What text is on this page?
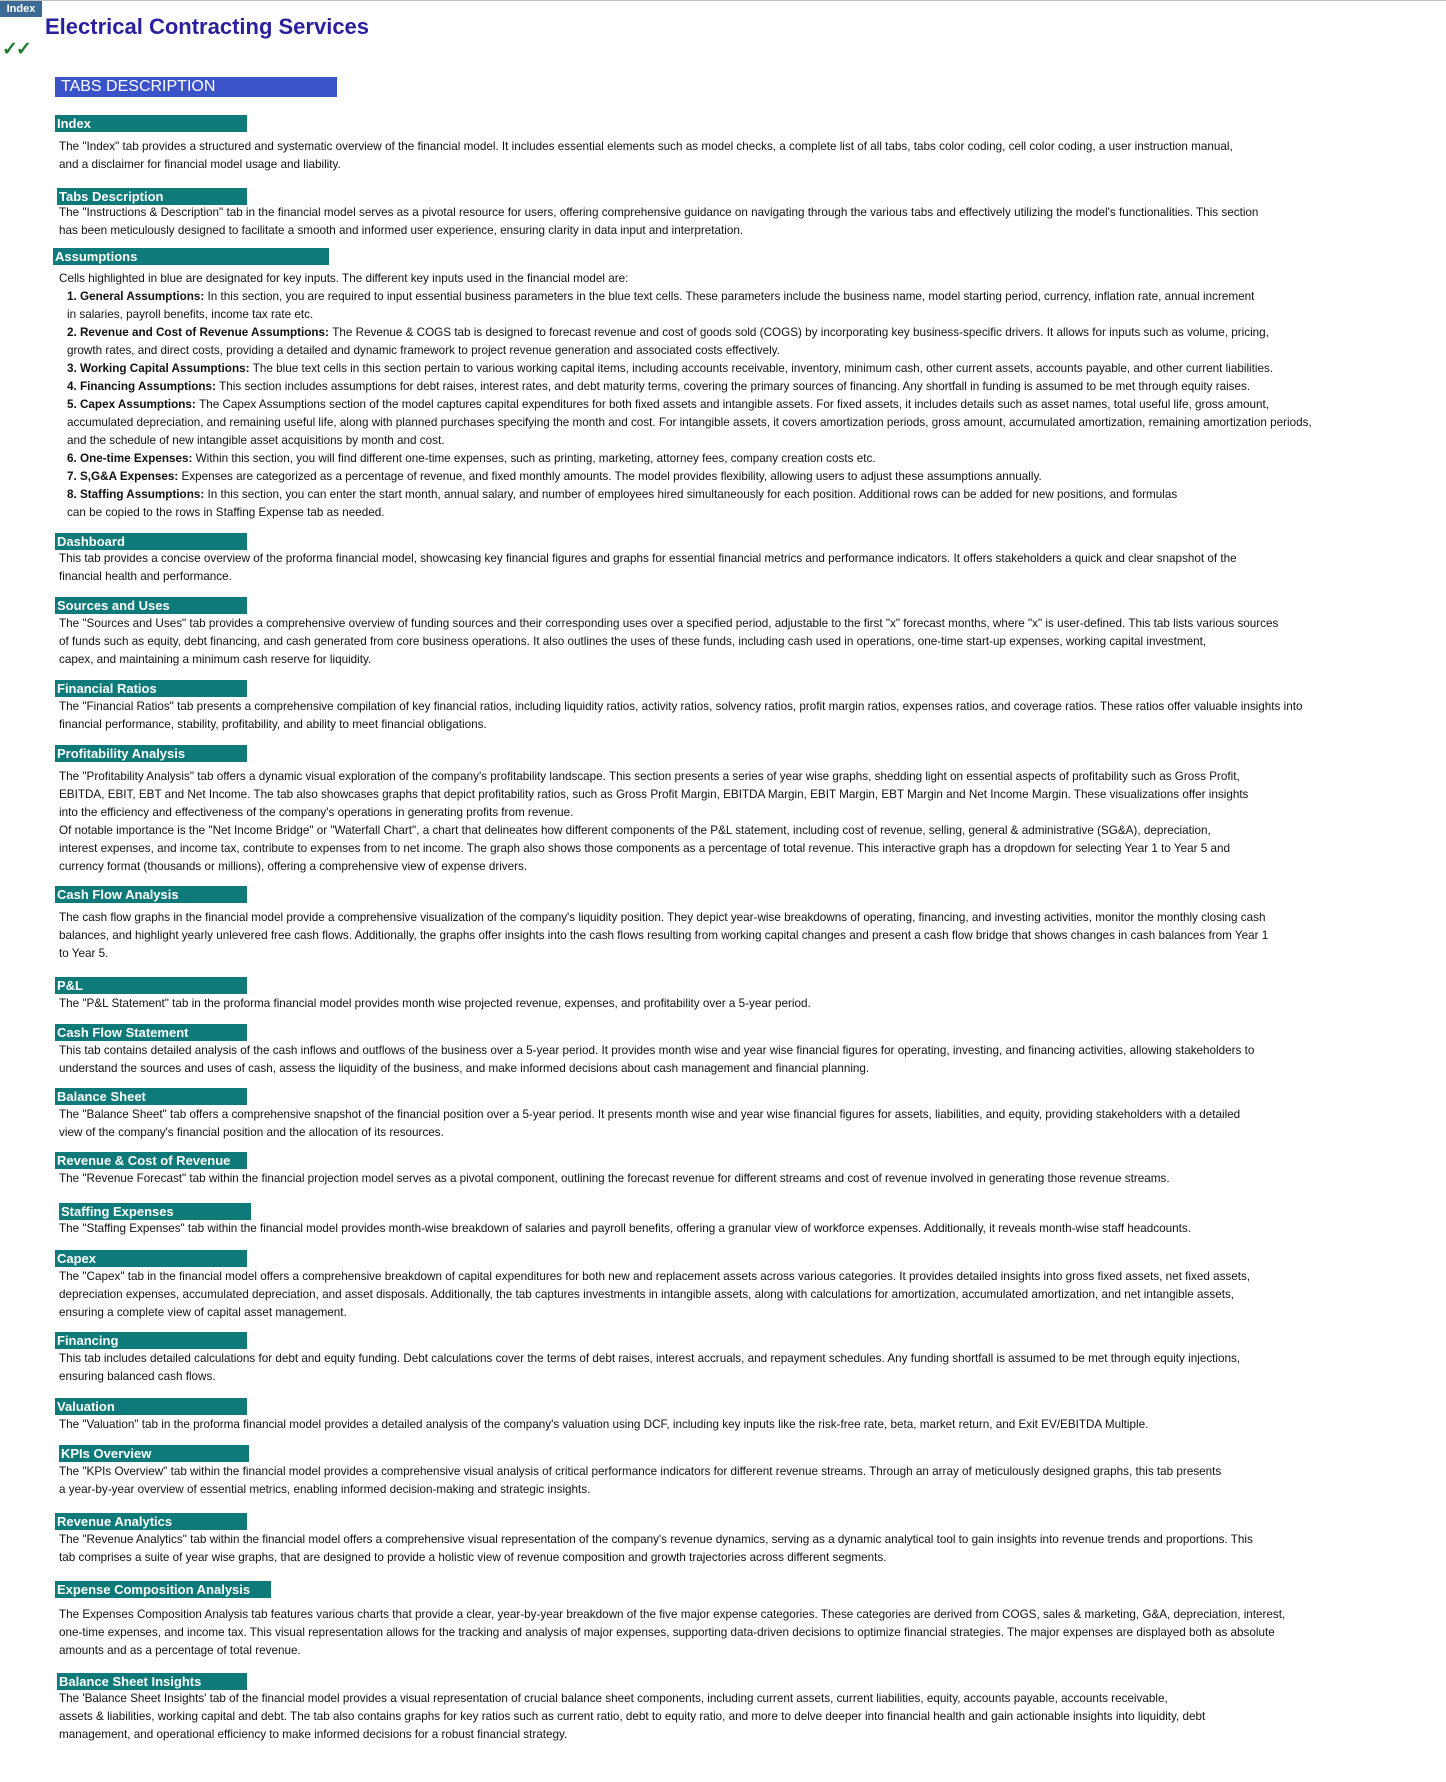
Index
✓✓
Electrical Contracting Services
TABS DESCRIPTION
Index

The "Index" tab provides a structured and systematic overview of the financial model. It includes essential elements such as model checks, a complete list of all tabs, tabs color coding, cell color coding, a user instruction manual,

and a disclaimer for financial model usage and liability.

Tabs Description

The "Instructions & Description" tab in the financial model serves as a pivotal resource for users, offering comprehensive guidance on navigating through the various tabs and effectively utilizing the model's functionalities. This section

has been meticulously designed to facilitate a smooth and informed user experience, ensuring clarity in data input and interpretation.

Assumptions

Cells highlighted in blue are designated for key inputs. The different key inputs used in the financial model are:

1. General Assumptions: In this section, you are required to input essential business parameters in the blue text cells. These parameters include the business name, model starting period, currency, inflation rate, annual increment

in salaries, payroll benefits, income tax rate etc.

2. Revenue and Cost of Revenue Assumptions: The Revenue & COGS tab is designed to forecast revenue and cost of goods sold (COGS) by incorporating key business-specific drivers. It allows for inputs such as volume, pricing,

growth rates, and direct costs, providing a detailed and dynamic framework to project revenue generation and associated costs effectively.

3. Working Capital Assumptions: The blue text cells in this section pertain to various working capital items, including accounts receivable, inventory, minimum cash, other current assets, accounts payable, and other current liabilities.

4. Financing Assumptions: This section includes assumptions for debt raises, interest rates, and debt maturity terms, covering the primary sources of financing. Any shortfall in funding is assumed to be met through equity raises.

5. Capex Assumptions: The Capex Assumptions section of the model captures capital expenditures for both fixed assets and intangible assets. For fixed assets, it includes details such as asset names, total useful life, gross amount,

accumulated depreciation, and remaining useful life, along with planned purchases specifying the month and cost. For intangible assets, it covers amortization periods, gross amount, accumulated amortization, remaining amortization periods,

and the schedule of new intangible asset acquisitions by month and cost.

6. One-time Expenses: Within this section, you will find different one-time expenses, such as printing, marketing, attorney fees, company creation costs etc.

7. S,G&A Expenses: Expenses are categorized as a percentage of revenue, and fixed monthly amounts. The model provides flexibility, allowing users to adjust these assumptions annually.

8. Staffing Assumptions: In this section, you can enter the start month, annual salary, and number of employees hired simultaneously for each position. Additional rows can be added for new positions, and formulas

can be copied to the rows in Staffing Expense tab as needed.

Dashboard

This tab provides a concise overview of the proforma financial model, showcasing key financial figures and graphs for essential financial metrics and performance indicators. It offers stakeholders a quick and clear snapshot of the

financial health and performance.

Sources and Uses

The "Sources and Uses" tab provides a comprehensive overview of funding sources and their corresponding uses over a specified period, adjustable to the first "x" forecast months, where "x" is user-defined. This tab lists various sources

of funds such as equity, debt financing, and cash generated from core business operations. It also outlines the uses of these funds, including cash used in operations, one-time start-up expenses, working capital investment,

capex, and maintaining a minimum cash reserve for liquidity.

Financial Ratios

The "Financial Ratios" tab presents a comprehensive compilation of key financial ratios, including liquidity ratios, activity ratios, solvency ratios, profit margin ratios, expenses ratios, and coverage ratios. These ratios offer valuable insights into

financial performance, stability, profitability, and ability to meet financial obligations.

Profitability Analysis

The "Profitability Analysis" tab offers a dynamic visual exploration of the company's profitability landscape. This section presents a series of year wise graphs, shedding light on essential aspects of profitability such as Gross Profit,

EBITDA, EBIT, EBT and Net Income. The tab also showcases graphs that depict profitability ratios, such as Gross Profit Margin, EBITDA Margin, EBIT Margin, EBT Margin and Net Income Margin. These visualizations offer insights

into the efficiency and effectiveness of the company's operations in generating profits from revenue.

Of notable importance is the "Net Income Bridge" or "Waterfall Chart", a chart that delineates how different components of the P&L statement, including cost of revenue, selling, general & administrative (SG&A), depreciation,

interest expenses, and income tax, contribute to expenses from to net income. The graph also shows those components as a percentage of total revenue. This interactive graph has a dropdown for selecting Year 1 to Year 5 and

currency format (thousands or millions), offering a comprehensive view of expense drivers.

Cash Flow Analysis

The cash flow graphs in the financial model provide a comprehensive visualization of the company's liquidity position. They depict year-wise breakdowns of operating, financing, and investing activities, monitor the monthly closing cash

balances, and highlight yearly unlevered free cash flows. Additionally, the graphs offer insights into the cash flows resulting from working capital changes and present a cash flow bridge that shows changes in cash balances from Year 1

to Year 5.

P&L

The "P&L Statement" tab in the proforma financial model provides month wise projected revenue, expenses, and profitability over a 5-year period.

Cash Flow Statement

This tab contains detailed analysis of the cash inflows and outflows of the business over a 5-year period. It provides month wise and year wise financial figures for operating, investing, and financing activities, allowing stakeholders to

understand the sources and uses of cash, assess the liquidity of the business, and make informed decisions about cash management and financial planning.

Balance Sheet

The "Balance Sheet" tab offers a comprehensive snapshot of the financial position over a 5-year period. It presents month wise and year wise financial figures for assets, liabilities, and equity, providing stakeholders with a detailed

view of the company's financial position and the allocation of its resources.

Revenue & Cost of Revenue

The "Revenue Forecast" tab within the financial projection model serves as a pivotal component, outlining the forecast revenue for different streams and cost of revenue involved in generating those revenue streams.

Staffing Expenses

The "Staffing Expenses" tab within the financial model provides month-wise breakdown of salaries and payroll benefits, offering a granular view of workforce expenses. Additionally, it reveals month-wise staff headcounts.

Capex

The "Capex" tab in the financial model offers a comprehensive breakdown of capital expenditures for both new and replacement assets across various categories. It provides detailed insights into gross fixed assets, net fixed assets,

depreciation expenses, accumulated depreciation, and asset disposals. Additionally, the tab captures investments in intangible assets, along with calculations for amortization, accumulated amortization, and net intangible assets,

ensuring a complete view of capital asset management.

Financing

This tab includes detailed calculations for debt and equity funding. Debt calculations cover the terms of debt raises, interest accruals, and repayment schedules. Any funding shortfall is assumed to be met through equity injections,

ensuring balanced cash flows.

Valuation

The "Valuation" tab in the proforma financial model provides a detailed analysis of the company's valuation using DCF, including key inputs like the risk-free rate, beta, market return, and Exit EV/EBITDA Multiple.

KPIs Overview

The "KPIs Overview" tab within the financial model provides a comprehensive visual analysis of critical performance indicators for different revenue streams. Through an array of meticulously designed graphs, this tab presents

a year-by-year overview of essential metrics, enabling informed decision-making and strategic insights.

Revenue Analytics

The "Revenue Analytics" tab within the financial model offers a comprehensive visual representation of the company's revenue dynamics, serving as a dynamic analytical tool to gain insights into revenue trends and proportions. This

tab comprises a suite of year wise graphs, that are designed to provide a holistic view of revenue composition and growth trajectories across different segments.

Expense Composition Analysis

The Expenses Composition Analysis tab features various charts that provide a clear, year-by-year breakdown of the five major expense categories. These categories are derived from COGS, sales & marketing, G&A, depreciation, interest,

one-time expenses, and income tax. This visual representation allows for the tracking and analysis of major expenses, supporting data-driven decisions to optimize financial strategies. The major expenses are displayed both as absolute

amounts and as a percentage of total revenue.

Balance Sheet Insights

The 'Balance Sheet Insights' tab of the financial model provides a visual representation of crucial balance sheet components, including current assets, current liabilities, equity, accounts payable, accounts receivable,

assets & liabilities, working capital and debt. The tab also contains graphs for key ratios such as current ratio, debt to equity ratio, and more to delve deeper into financial health and gain actionable insights into liquidity, debt

management, and operational efficiency to make informed decisions for a robust financial strategy.
